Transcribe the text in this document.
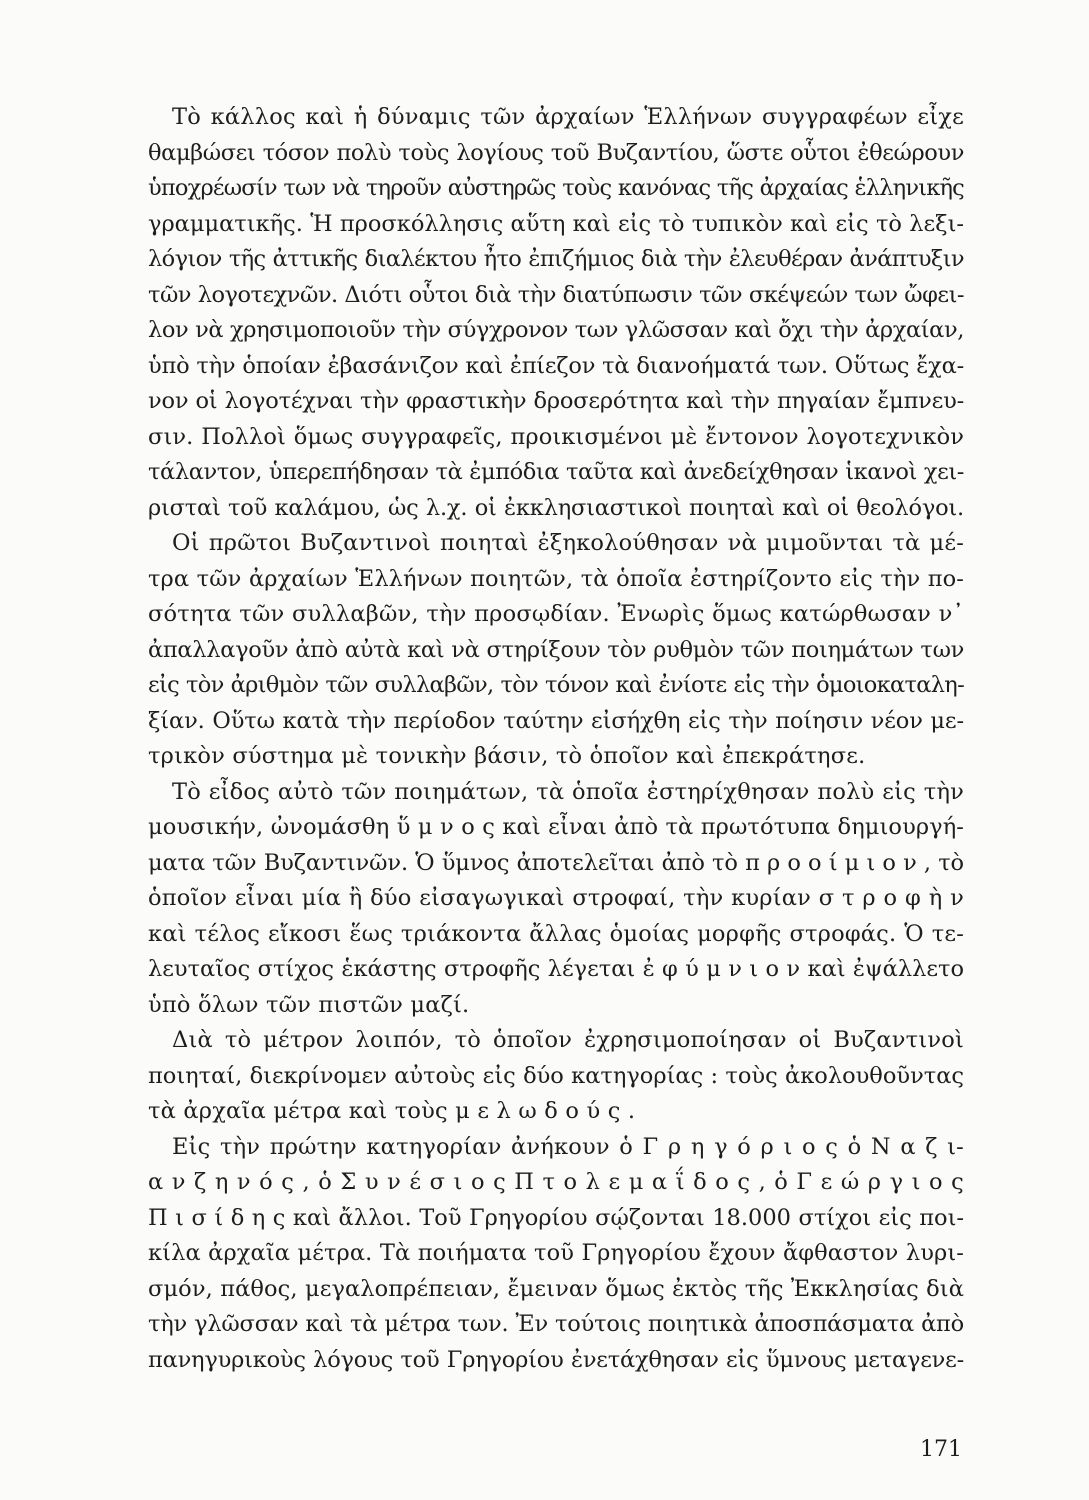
Τὸ κάλλος καὶ ἡ δύναμις τῶν ἀρχαίων Ἑλλήνων συγγραφέων εἶχε
θαμβώσει τόσον πολὺ τοὺς λογίους τοῦ Βυζαντίου, ὥστε οὗτοι ἐθεώρουν
ὑποχρέωσίν των νὰ τηροῦν αὐστηρῶς τοὺς κανόνας τῆς ἀρχαίας ἑλληνικῆς
γραμματικῆς. Ἡ προσκόλλησις αὕτη καὶ εἰς τὸ τυπικὸν καὶ εἰς τὸ λεξι-
λόγιον τῆς ἀττικῆς διαλέκτου ἦτο ἐπιζήμιος διὰ τὴν ἐλευθέραν ἀνάπτυξιν
τῶν λογοτεχνῶν. Διότι οὗτοι διὰ τὴν διατύπωσιν τῶν σκέψεών των ὤφει-
λον νὰ χρησιμοποιοῦν τὴν σύγχρονον των γλῶσσαν καὶ ὄχι τὴν ἀρχαίαν,
ὑπὸ τὴν ὁποίαν ἐβασάνιζον καὶ ἐπίεζον τὰ διανοήματά των. Οὕτως ἔχα-
νον οἱ λογοτέχναι τὴν φραστικὴν δροσερότητα καὶ τὴν πηγαίαν ἔμπνευ-
σιν. Πολλοὶ ὅμως συγγραφεῖς, προικισμένοι μὲ ἔντονον λογοτεχνικὸν
τάλαντον, ὑπερεπήδησαν τὰ ἐμπόδια ταῦτα καὶ ἀνεδείχθησαν ἱκανοὶ χει-
ρισταὶ τοῦ καλάμου, ὡς λ.χ. οἱ ἐκκλησιαστικοὶ ποιηταὶ καὶ οἱ θεολόγοι.
Οἱ πρῶτοι Βυζαντινοὶ ποιηταὶ ἐξηκολούθησαν νὰ μιμοῦνται τὰ μέ-
τρα τῶν ἀρχαίων Ἑλλήνων ποιητῶν, τὰ ὁποῖα ἐστηρίζοντο εἰς τὴν πο-
σότητα τῶν συλλαβῶν, τὴν προσῳδίαν. Ἐνωρὶς ὅμως κατώρθωσαν ν᾽
ἀπαλλαγοῦν ἀπὸ αὐτὰ καὶ νὰ στηρίξουν τὸν ρυθμὸν τῶν ποιημάτων των
εἰς τὸν ἀριθμὸν τῶν συλλαβῶν, τὸν τόνον καὶ ἐνίοτε εἰς τὴν ὁμοιοκαταλη-
ξίαν. Οὕτω κατὰ τὴν περίοδον ταύτην εἰσήχθη εἰς τὴν ποίησιν νέον με-
τρικὸν σύστημα μὲ τονικὴν βάσιν, τὸ ὁποῖον καὶ ἐπεκράτησε.
Τὸ εἶδος αὐτὸ τῶν ποιημάτων, τὰ ὁποῖα ἐστηρίχθησαν πολὺ εἰς τὴν
μουσικήν, ὠνομάσθη ὕ μ ν ο ς καὶ εἶναι ἀπὸ τὰ πρωτότυπα δημιουργή-
ματα τῶν Βυζαντινῶν. Ὁ ὕμνος ἀποτελεῖται ἀπὸ τὸ π ρ ο ο ί μ ι ο ν , τὸ
ὁποῖον εἶναι μία ἢ δύο εἰσαγωγικαὶ στροφαί, τὴν κυρίαν σ τ ρ ο φ ὴ ν
καὶ τέλος εἴκοσι ἕως τριάκοντα ἄλλας ὁμοίας μορφῆς στροφάς. Ὁ τε-
λευταῖος στίχος ἑκάστης στροφῆς λέγεται ἐ φ ύ μ ν ι ο ν καὶ ἐψάλλετο
ὑπὸ ὅλων τῶν πιστῶν μαζί.
Διὰ τὸ μέτρον λοιπόν, τὸ ὁποῖον ἐχρησιμοποίησαν οἱ Βυζαντινοὶ
ποιηταί, διεκρίνομεν αὐτοὺς εἰς δύο κατηγορίας : τοὺς ἀκολουθοῦντας
τὰ ἀρχαῖα μέτρα καὶ τοὺς μ ε λ ω δ ο ύ ς .
Εἰς τὴν πρώτην κατηγορίαν ἀνήκουν ὁ Γ ρ η γ ό ρ ι ο ς ὁ Ν α ζ ι-
α ν ζ η ν ό ς , ὁ Σ υ ν έ σ ι ο ς Π τ ο λ ε μ α ΐ δ ο ς , ὁ Γ ε ώ ρ γ ι ο ς
Π ι σ ί δ η ς καὶ ἄλλοι. Τοῦ Γρηγορίου σῴζονται 18.000 στίχοι εἰς ποι-
κίλα ἀρχαῖα μέτρα. Τὰ ποιήματα τοῦ Γρηγορίου ἔχουν ἄφθαστον λυρι-
σμόν, πάθος, μεγαλοπρέπειαν, ἔμειναν ὅμως ἐκτὸς τῆς Ἐκκλησίας διὰ
τὴν γλῶσσαν καὶ τὰ μέτρα των. Ἐν τούτοις ποιητικὰ ἀποσπάσματα ἀπὸ
πανηγυρικοὺς λόγους τοῦ Γρηγορίου ἐνετάχθησαν εἰς ὕμνους μεταγενε-
171
